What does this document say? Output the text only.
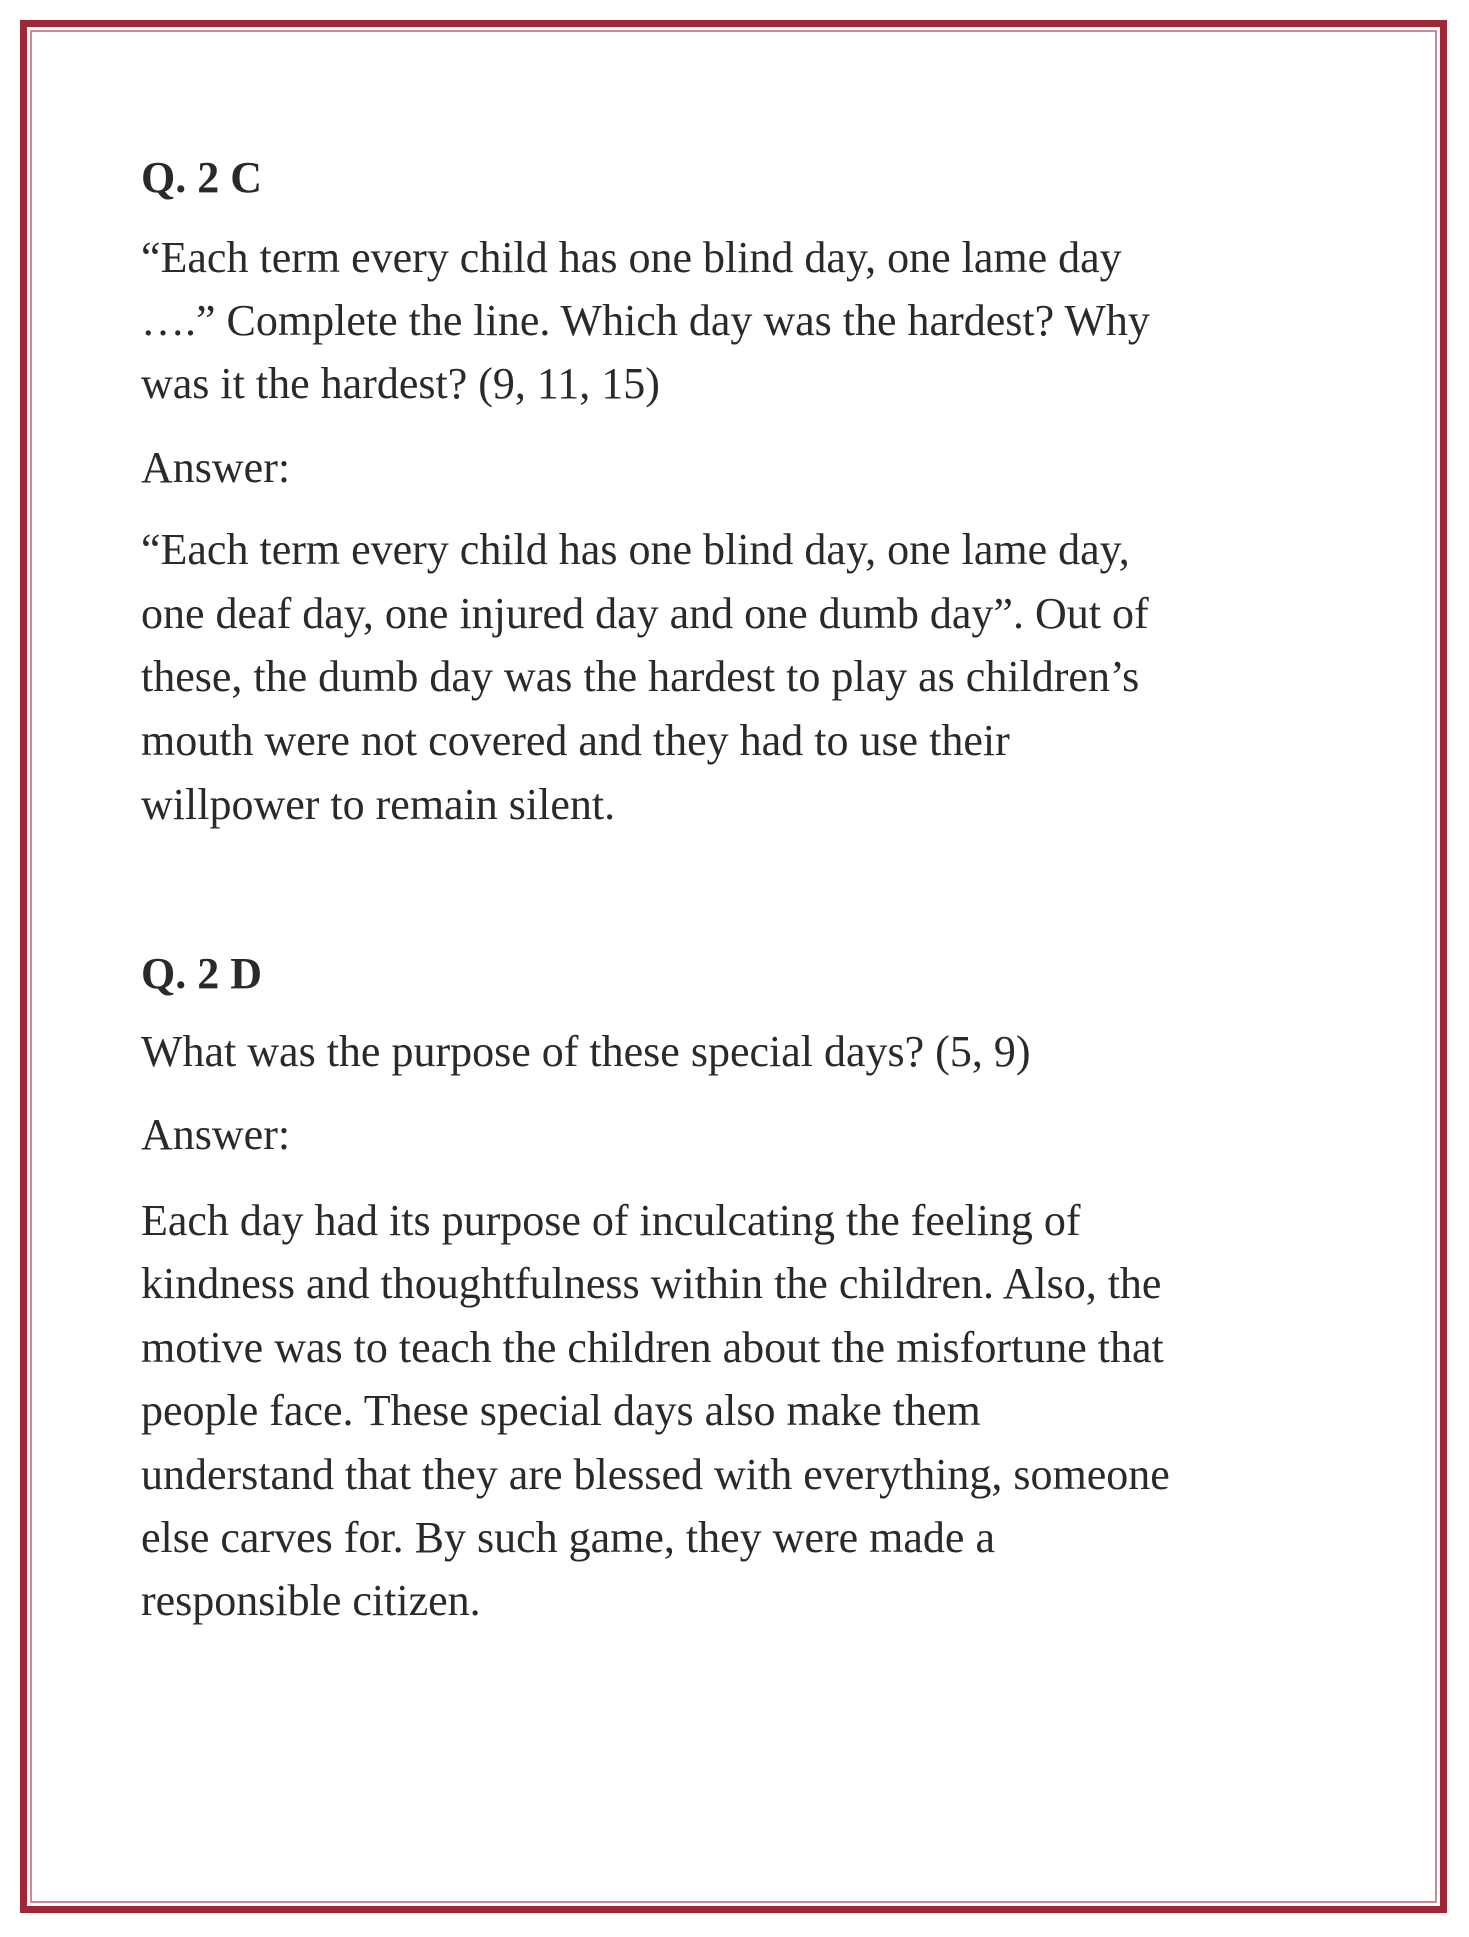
Q. 2 C
“Each term every child has one blind day, one lame day
….” Complete the line. Which day was the hardest? Why
was it the hardest? (9, 11, 15)
Answer:
“Each term every child has one blind day, one lame day,
one deaf day, one injured day and one dumb day”. Out of
these, the dumb day was the hardest to play as children’s
mouth were not covered and they had to use their
willpower to remain silent.
Q. 2 D
What was the purpose of these special days? (5, 9)
Answer:
Each day had its purpose of inculcating the feeling of
kindness and thoughtfulness within the children. Also, the
motive was to teach the children about the misfortune that
people face. These special days also make them
understand that they are blessed with everything, someone
else carves for. By such game, they were made a
responsible citizen.
